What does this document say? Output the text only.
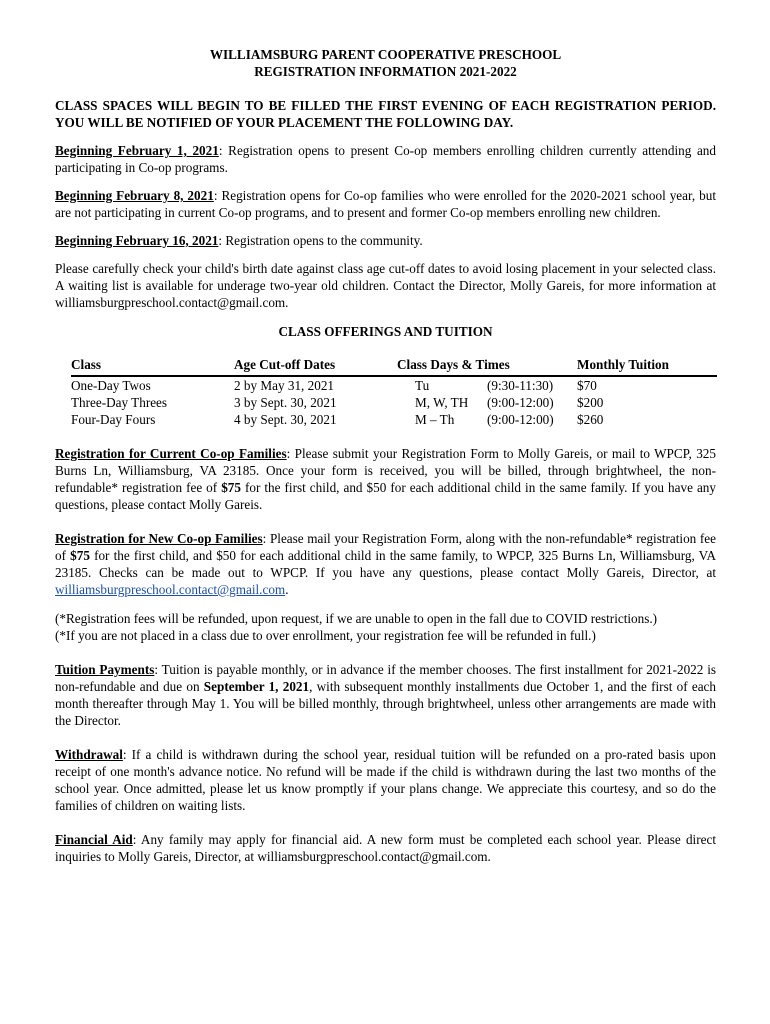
WILLIAMSBURG PARENT COOPERATIVE PRESCHOOL
REGISTRATION INFORMATION 2021-2022
CLASS SPACES WILL BEGIN TO BE FILLED THE FIRST EVENING OF EACH REGISTRATION PERIOD. YOU WILL BE NOTIFIED OF YOUR PLACEMENT THE FOLLOWING DAY.

Beginning February 1, 2021: Registration opens to present Co-op members enrolling children currently attending and participating in Co-op programs.

Beginning February 8, 2021: Registration opens for Co-op families who were enrolled for the 2020-2021 school year, but are not participating in current Co-op programs, and to present and former Co-op members enrolling new children.

Beginning February 16, 2021: Registration opens to the community.

Please carefully check your child's birth date against class age cut-off dates to avoid losing placement in your selected class. A waiting list is available for underage two-year old children. Contact the Director, Molly Gareis, for more information at williamsburgpreschool.contact@gmail.com.

CLASS OFFERINGS AND TUITION
Class	Age Cut-off Dates	Class Days & Times	Monthly Tuition
One-Day Twos	2 by May 31, 2021	Tu (9:30-11:30)	$70
Three-Day Threes	3 by Sept. 30, 2021	M, W, TH (9:00-12:00)	$200
Four-Day Fours	4 by Sept. 30, 2021	M – Th (9:00-12:00)	$260

Registration for Current Co-op Families: Please submit your Registration Form to Molly Gareis, or mail to WPCP, 325 Burns Ln, Williamsburg, VA 23185. Once your form is received, you will be billed, through brightwheel, the non-refundable* registration fee of $75 for the first child, and $50 for each additional child in the same family. If you have any questions, please contact Molly Gareis.

Registration for New Co-op Families: Please mail your Registration Form, along with the non-refundable* registration fee of $75 for the first child, and $50 for each additional child in the same family, to WPCP, 325 Burns Ln, Williamsburg, VA 23185. Checks can be made out to WPCP. If you have any questions, please contact Molly Gareis, Director, at williamsburgpreschool.contact@gmail.com.

(*Registration fees will be refunded, upon request, if we are unable to open in the fall due to COVID restrictions.)
(*If you are not placed in a class due to over enrollment, your registration fee will be refunded in full.)

Tuition Payments: Tuition is payable monthly, or in advance if the member chooses. The first installment for 2021-2022 is non-refundable and due on September 1, 2021, with subsequent monthly installments due October 1, and the first of each month thereafter through May 1. You will be billed monthly, through brightwheel, unless other arrangements are made with the Director.

Withdrawal: If a child is withdrawn during the school year, residual tuition will be refunded on a pro-rated basis upon receipt of one month's advance notice. No refund will be made if the child is withdrawn during the last two months of the school year. Once admitted, please let us know promptly if your plans change. We appreciate this courtesy, and so do the families of children on waiting lists.

Financial Aid: Any family may apply for financial aid. A new form must be completed each school year. Please direct inquiries to Molly Gareis, Director, at williamsburgpreschool.contact@gmail.com.
